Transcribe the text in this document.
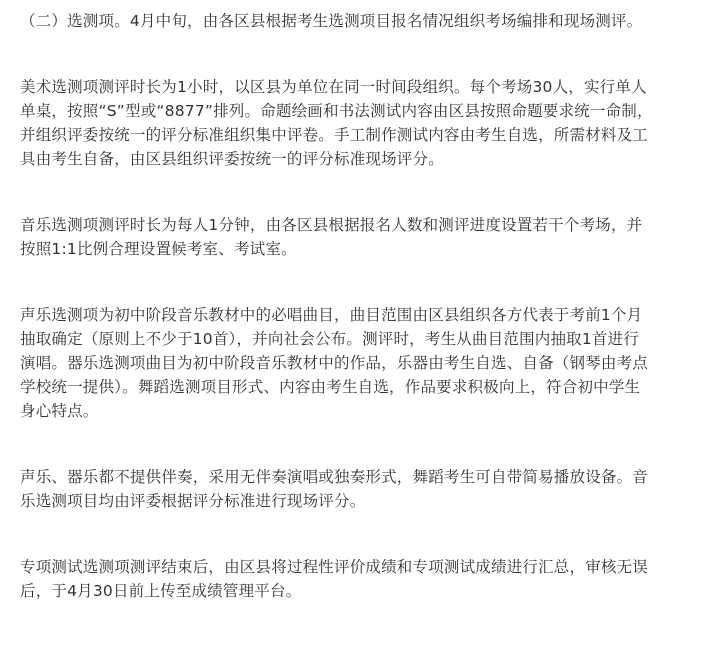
（二）选测项。4月中旬，由各区县根据考生选测项目报名情况组织考场编排和现场测评。

美术选测项测评时长为1小时，以区县为单位在同一时间段组织。每个考场30人，实行单人
单桌，按照“S”型或“8877”排列。命题绘画和书法测试内容由区县按照命题要求统一命制，
并组织评委按统一的评分标准组织集中评卷。手工制作测试内容由考生自选，所需材料及工
具由考生自备，由区县组织评委按统一的评分标准现场评分。

音乐选测项测评时长为每人1分钟，由各区县根据报名人数和测评进度设置若干个考场，并
按照1:1比例合理设置候考室、考试室。

声乐选测项为初中阶段音乐教材中的必唱曲目，曲目范围由区县组织各方代表于考前1个月
抽取确定（原则上不少于10首），并向社会公布。测评时，考生从曲目范围内抽取1首进行
演唱。器乐选测项曲目为初中阶段音乐教材中的作品，乐器由考生自选、自备（钢琴由考点
学校统一提供）。舞蹈选测项目形式、内容由考生自选，作品要求积极向上，符合初中学生
身心特点。

声乐、器乐都不提供伴奏，采用无伴奏演唱或独奏形式，舞蹈考生可自带简易播放设备。音
乐选测项目均由评委根据评分标准进行现场评分。

专项测试选测项测评结束后，由区县将过程性评价成绩和专项测试成绩进行汇总，审核无误
后，于4月30日前上传至成绩管理平台。
